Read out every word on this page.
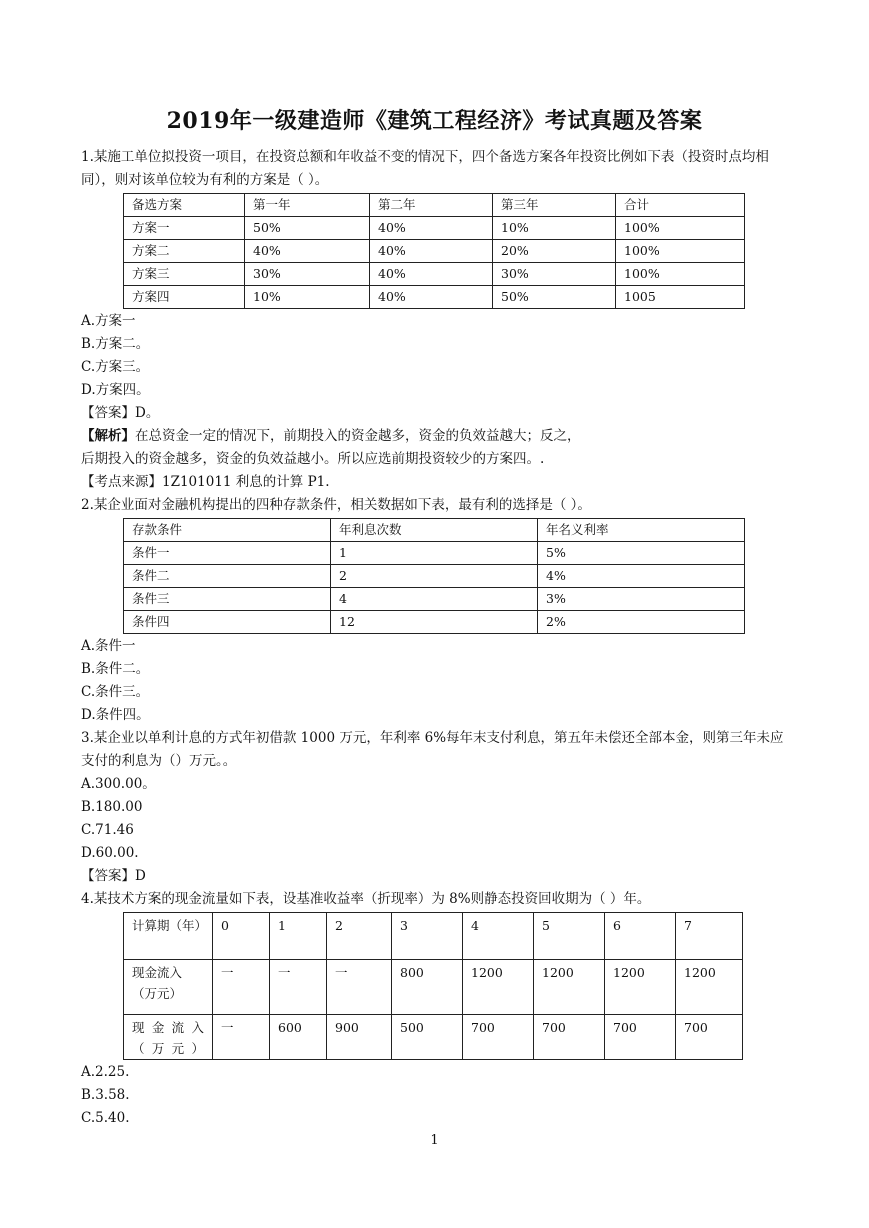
2019年一级建造师《建筑工程经济》考试真题及答案

1.某施工单位拟投资一项目，在投资总额和年收益不变的情况下，四个备选方案各年投资比例如下表（投资时点均相同），则对该单位较为有利的方案是（ ）。

备选方案	第一年	第二年	第三年	合计
方案一	50%	40%	10%	100%
方案二	40%	40%	20%	100%
方案三	30%	40%	30%	100%
方案四	10%	40%	50%	1005

A.方案一

B.方案二。

C.方案三。

D.方案四。

【答案】D。

【解析】在总资金一定的情况下，前期投入的资金越多，资金的负效益越大；反之，

后期投入的资金越多，资金的负效益越小。所以应选前期投资较少的方案四。.

【考点来源】1Z101011 利息的计算 P1.

2.某企业面对金融机构提出的四种存款条件，相关数据如下表，最有利的选择是（ ）。

存款条件	年利息次数	年名义利率
条件一	1	5%
条件二	2	4%
条件三	4	3%
条件四	12	2%

A.条件一

B.条件二。

C.条件三。

D.条件四。

3.某企业以单利计息的方式年初借款 1000 万元，年利率 6%每年末支付利息，第五年未偿还全部本金，则第三年未应支付的利息为（）万元。。

A.300.00。

B.180.00

C.71.46

D.60.00.

【答案】D

4.某技术方案的现金流量如下表，设基准收益率（折现率）为 8%则静态投资回收期为（ ）年。

计算期（年）	0	1	2	3	4	5	6	7
现金流入（万元）	一	一	一	800	1200	1200	1200	1200
现金流入（万元）	一	600	900	500	700	700	700	700

A.2.25.

B.3.58.

C.5.40.

1
